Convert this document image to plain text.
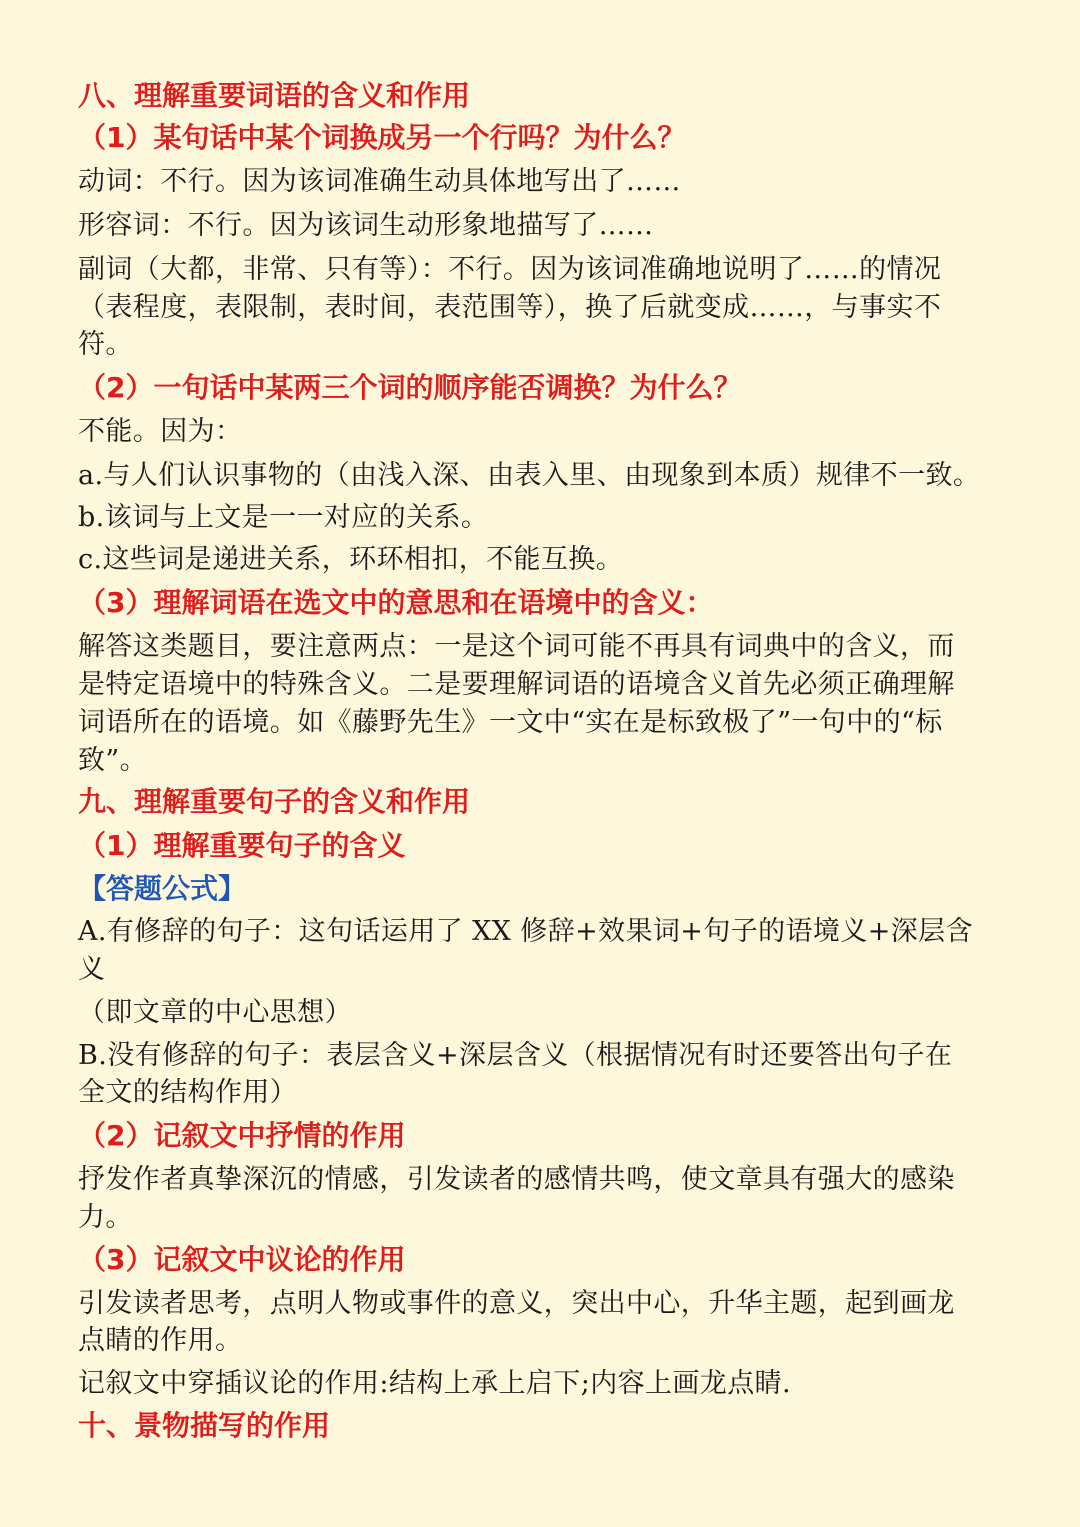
八、理解重要词语的含义和作用
（1）某句话中某个词换成另一个行吗？为什么？
动词：不行。因为该词准确生动具体地写出了……
形容词：不行。因为该词生动形象地描写了……
副词（大都，非常、只有等）：不行。因为该词准确地说明了……的情况
（表程度，表限制，表时间，表范围等），换了后就变成……，与事实不
符。
（2）一句话中某两三个词的顺序能否调换？为什么？
不能。因为：
a.与人们认识事物的（由浅入深、由表入里、由现象到本质）规律不一致。
b.该词与上文是一一对应的关系。
c.这些词是递进关系，环环相扣，不能互换。
（3）理解词语在选文中的意思和在语境中的含义：
解答这类题目，要注意两点：一是这个词可能不再具有词典中的含义，而
是特定语境中的特殊含义。二是要理解词语的语境含义首先必须正确理解
词语所在的语境。如《藤野先生》一文中“实在是标致极了”一句中的“标
致”。
九、理解重要句子的含义和作用
（1）理解重要句子的含义
【答题公式】
A.有修辞的句子：这句话运用了 XX 修辞+效果词+句子的语境义+深层含
义
（即文章的中心思想）
B.没有修辞的句子：表层含义+深层含义（根据情况有时还要答出句子在
全文的结构作用）
（2）记叙文中抒情的作用
抒发作者真挚深沉的情感，引发读者的感情共鸣，使文章具有强大的感染
力。
（3）记叙文中议论的作用
引发读者思考，点明人物或事件的意义，突出中心，升华主题，起到画龙
点睛的作用。
记叙文中穿插议论的作用:结构上承上启下;内容上画龙点睛.
十、景物描写的作用
